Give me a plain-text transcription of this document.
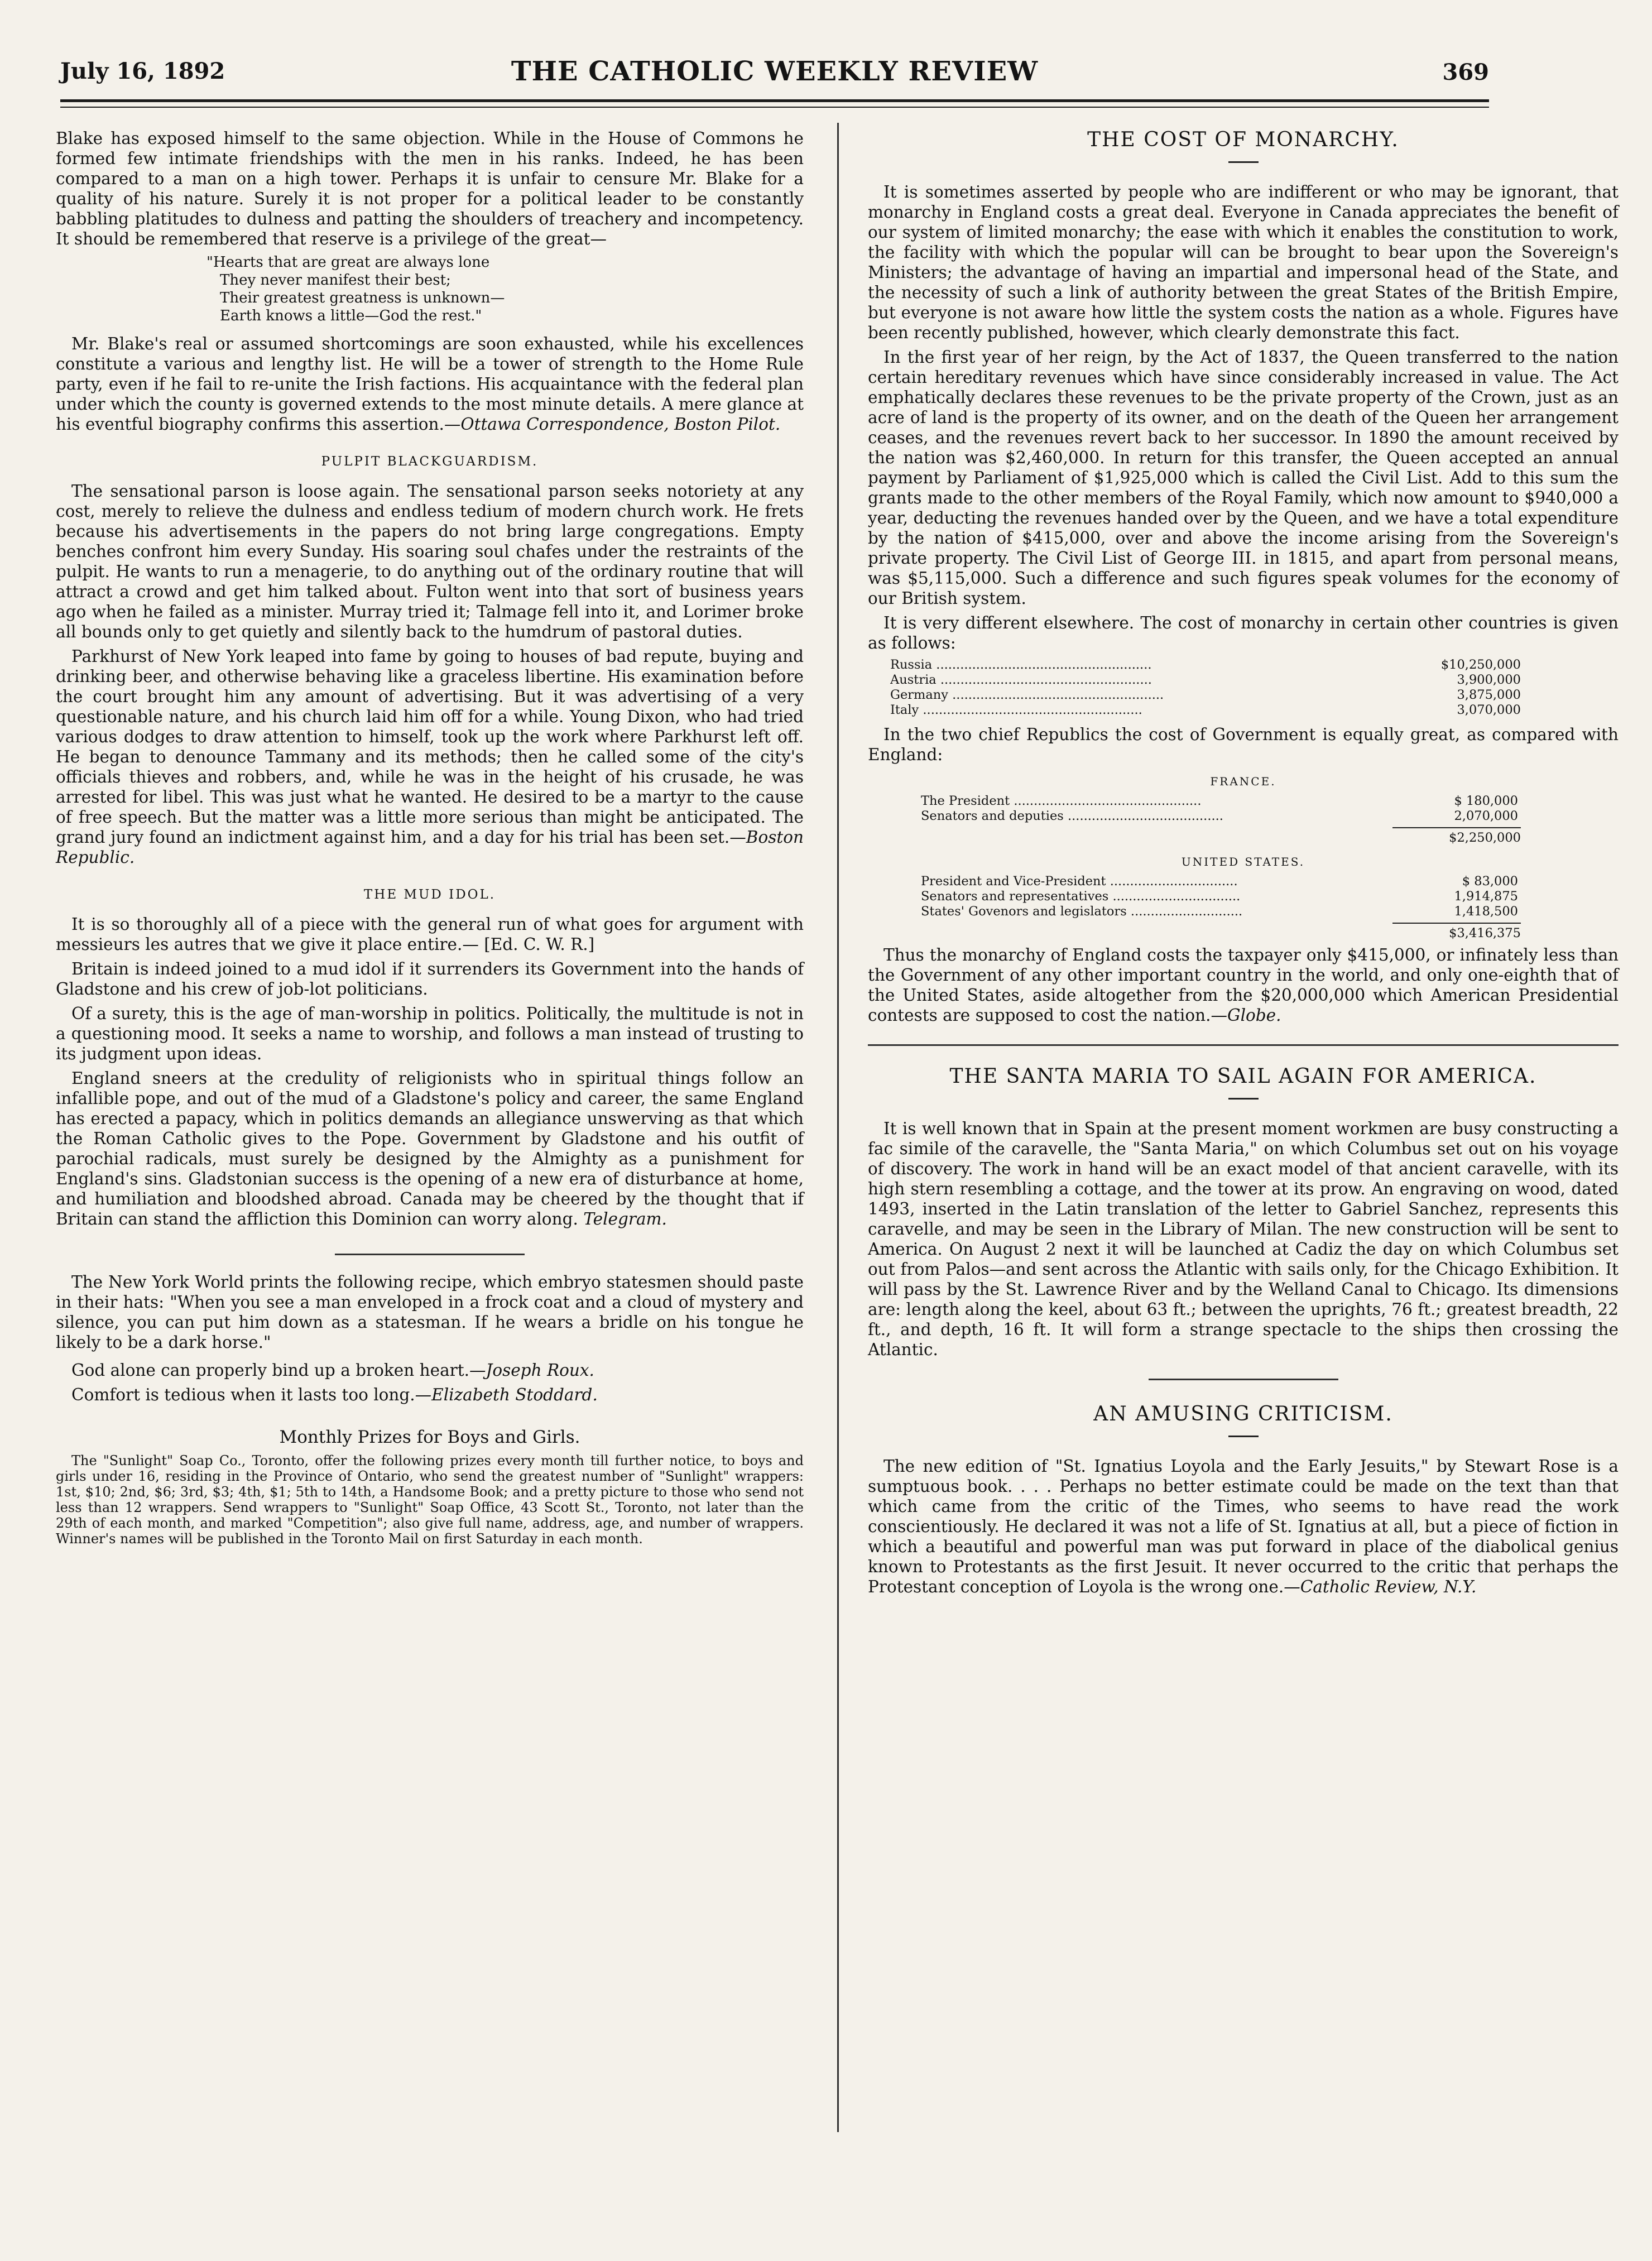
July 16, 1892	THE CATHOLIC WEEKLY REVIEW	369

Blake has exposed himself to the same objection. While in the House of Commons he formed few intimate friendships with the men in his ranks. Indeed, he has been compared to a man on a high tower. Perhaps it is unfair to censure Mr. Blake for a quality of his nature. Surely it is not proper for a political leader to be constantly babbling platitudes to dulness and patting the shoulders of treachery and incompetency. It should be remembered that reserve is a privilege of the great—

"Hearts that are great are always lone
They never manifest their best;
Their greatest greatness is unknown—
Earth knows a little—God the rest."

Mr. Blake's real or assumed shortcomings are soon exhausted, while his excellences constitute a various and lengthy list. He will be a tower of strength to the Home Rule party, even if he fail to re-unite the Irish factions. His acquaintance with the federal plan under which the county is governed extends to the most minute details. A mere glance at his eventful biography confirms this assertion.—Ottawa Correspondence, Boston Pilot.

PULPIT BLACKGUARDISM.

The sensational parson is loose again. The sensational parson seeks notoriety at any cost, merely to relieve the dulness and endless tedium of modern church work. He frets because his advertisements in the papers do not bring large congregations. Empty benches confront him every Sunday. His soaring soul chafes under the restraints of the pulpit. He wants to run a menagerie, to do anything out of the ordinary routine that will attract a crowd and get him talked about. Fulton went into that sort of business years ago when he failed as a minister. Murray tried it; Talmage fell into it, and Lorimer broke all bounds only to get quietly and silently back to the humdrum of pastoral duties.

Parkhurst of New York leaped into fame by going to houses of bad repute, buying and drinking beer, and otherwise behaving like a graceless libertine. His examination before the court brought him any amount of advertising. But it was advertising of a very questionable nature, and his church laid him off for a while. Young Dixon, who had tried various dodges to draw attention to himself, took up the work where Parkhurst left off. He began to denounce Tammany and its methods; then he called some of the city's officials thieves and robbers, and, while he was in the height of his crusade, he was arrested for libel. This was just what he wanted. He desired to be a martyr to the cause of free speech. But the matter was a little more serious than might be anticipated. The grand jury found an indictment against him, and a day for his trial has been set.—Boston Republic.

THE MUD IDOL.

It is so thoroughly all of a piece with the general run of what goes for argument with messieurs les autres that we give it place entire.— [Ed. C. W. R.]

Britain is indeed joined to a mud idol if it surrenders its Government into the hands of Gladstone and his crew of job-lot politicians.

Of a surety, this is the age of man-worship in politics. Politically, the multitude is not in a questioning mood. It seeks a name to worship, and follows a man instead of trusting to its judgment upon ideas.

England sneers at the credulity of religionists who in spiritual things follow an infallible pope, and out of the mud of a Gladstone's policy and career, the same England has erected a papacy, which in politics demands an allegiance unswerving as that which the Roman Catholic gives to the Pope. Government by Gladstone and his outfit of parochial radicals, must surely be designed by the Almighty as a punishment for England's sins. Gladstonian success is the opening of a new era of disturbance at home, and humiliation and bloodshed abroad. Canada may be cheered by the thought that if Britain can stand the affliction this Dominion can worry along. Telegram.

The New York World prints the following recipe, which embryo statesmen should paste in their hats: "When you see a man enveloped in a frock coat and a cloud of mystery and silence, you can put him down as a statesman. If he wears a bridle on his tongue he likely to be a dark horse."

God alone can properly bind up a broken heart.—Joseph Roux.

Comfort is tedious when it lasts too long.—Elizabeth Stoddard.

Monthly Prizes for Boys and Girls.

The "Sunlight" Soap Co., Toronto, offer the following prizes every month till further notice, to boys and girls under 16, residing in the Province of Ontario, who send the greatest number of "Sunlight" wrappers: 1st, $10; 2nd, $6; 3rd, $3; 4th, $1; 5th to 14th, a Handsome Book; and a pretty picture to those who send not less than 12 wrappers. Send wrappers to "Sunlight" Soap Office, 43 Scott St., Toronto, not later than the 29th of each month, and marked "Competition"; also give full name, address, age, and number of wrappers. Winner's names will be published in the Toronto Mail on first Saturday in each month.

THE COST OF MONARCHY.

It is sometimes asserted by people who are indifferent or who may be ignorant, that monarchy in England costs a great deal. Everyone in Canada appreciates the benefit of our system of limited monarchy; the ease with which it enables the constitution to work, the facility with which the popular will can be brought to bear upon the Sovereign's Ministers; the advantage of having an impartial and impersonal head of the State, and the necessity of such a link of authority between the great States of the British Empire, but everyone is not aware how little the system costs the nation as a whole. Figures have been recently published, however, which clearly demonstrate this fact.

In the first year of her reign, by the Act of 1837, the Queen transferred to the nation certain hereditary revenues which have since considerably increased in value. The Act emphatically declares these revenues to be the private property of the Crown, just as an acre of land is the property of its owner, and on the death of the Queen her arrangement ceases, and the revenues revert back to her successor. In 1890 the amount received by the nation was $2,460,000. In return for this transfer, the Queen accepted an annual payment by Parliament of $1,925,000 which is called the Civil List. Add to this sum the grants made to the other members of the Royal Family, which now amount to $940,000 a year, deducting the revenues handed over by the Queen, and we have a total expenditure by the nation of $415,000, over and above the income arising from the Sovereign's private property. The Civil List of George III. in 1815, and apart from personal means, was $5,115,000. Such a difference and such figures speak volumes for the economy of our British system.

It is very different elsewhere. The cost of monarchy in certain other countries is given as follows:

Russia ......................................................	$10,250,000
Austria .....................................................	3,900,000
Germany .....................................................	3,875,000
Italy .......................................................	3,070,000

In the two chief Republics the cost of Government is equally great, as compared with England:

FRANCE.
The President ...............................................	$ 180,000
Senators and deputies .......................................	2,070,000
$2,250,000
UNITED STATES.
President and Vice-President ................................	$ 83,000
Senators and representatives ................................	1,914,875
States' Govenors and legislators ............................	1,418,500
$3,416,375

Thus the monarchy of England costs the taxpayer only $415,000, or infinately less than the Government of any other important country in the world, and only one-eighth that of the United States, aside altogether from the $20,000,000 which American Presidential contests are supposed to cost the nation.—Globe.

THE SANTA MARIA TO SAIL AGAIN FOR AMERICA.

It is well known that in Spain at the present moment workmen are busy constructing a fac simile of the caravelle, the "Santa Maria," on which Columbus set out on his voyage of discovery. The work in hand will be an exact model of that ancient caravelle, with its high stern resembling a cottage, and the tower at its prow. An engraving on wood, dated 1493, inserted in the Latin translation of the letter to Gabriel Sanchez, represents this caravelle, and may be seen in the Library of Milan. The new construction will be sent to America. On August 2 next it will be launched at Cadiz the day on which Columbus set out from Palos—and sent across the Atlantic with sails only, for the Chicago Exhibition. It will pass by the St. Lawrence River and by the Welland Canal to Chicago. Its dimensions are: length along the keel, about 63 ft.; between the uprights, 76 ft.; greatest breadth, 22 ft., and depth, 16 ft. It will form a strange spectacle to the ships then crossing the Atlantic.

AN AMUSING CRITICISM.

The new edition of "St. Ignatius Loyola and the Early Jesuits," by Stewart Rose is a sumptuous book. . . . Perhaps no better estimate could be made on the text than that which came from the critic of the Times, who seems to have read the work conscientiously. He declared it was not a life of St. Ignatius at all, but a piece of fiction in which a beautiful and powerful man was put forward in place of the diabolical genius known to Protestants as the first Jesuit. It never occurred to the critic that perhaps the Protestant conception of Loyola is the wrong one.—Catholic Review, N.Y.
